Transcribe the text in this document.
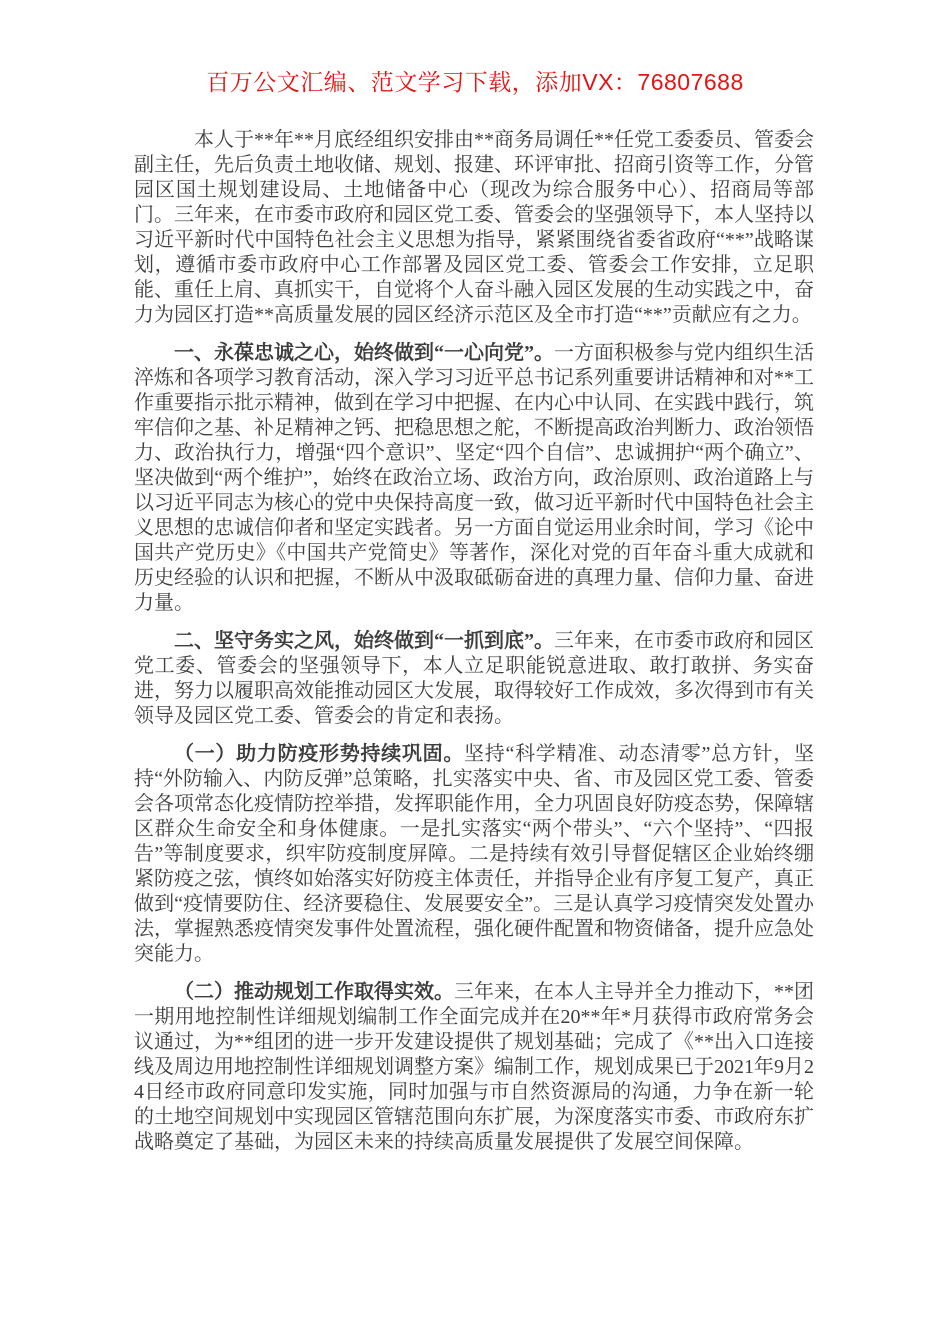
百万公文汇编、范文学习下载，添加VX：76807688

本人于**年**月底经组织安排由**商务局调任**任党工委委员、管委会副主任，先后负责土地收储、规划、报建、环评审批、招商引资等工作，分管园区国土规划建设局、土地储备中心（现改为综合服务中心）、招商局等部门。三年来，在市委市政府和园区党工委、管委会的坚强领导下，本人坚持以习近平新时代中国特色社会主义思想为指导，紧紧围绕省委省政府“**”战略谋划，遵循市委市政府中心工作部署及园区党工委、管委会工作安排，立足职能、重任上肩、真抓实干，自觉将个人奋斗融入园区发展的生动实践之中，奋力为园区打造**高质量发展的园区经济示范区及全市打造“**”贡献应有之力。

一、永葆忠诚之心，始终做到“一心向党”。一方面积极参与党内组织生活淬炼和各项学习教育活动，深入学习习近平总书记系列重要讲话精神和对**工作重要指示批示精神，做到在学习中把握、在内心中认同、在实践中践行，筑牢信仰之基、补足精神之钙、把稳思想之舵，不断提高政治判断力、政治领悟力、政治执行力，增强“四个意识”、坚定“四个自信”、忠诚拥护“两个确立”、坚决做到“两个维护”，始终在政治立场、政治方向，政治原则、政治道路上与以习近平同志为核心的党中央保持高度一致，做习近平新时代中国特色社会主义思想的忠诚信仰者和坚定实践者。另一方面自觉运用业余时间，学习《论中国共产党历史》《中国共产党简史》等著作，深化对党的百年奋斗重大成就和历史经验的认识和把握，不断从中汲取砥砺奋进的真理力量、信仰力量、奋进力量。

二、坚守务实之风，始终做到“一抓到底”。三年来，在市委市政府和园区党工委、管委会的坚强领导下，本人立足职能锐意进取、敢打敢拼、务实奋进，努力以履职高效能推动园区大发展，取得较好工作成效，多次得到市有关领导及园区党工委、管委会的肯定和表扬。

（一）助力防疫形势持续巩固。坚持“科学精准、动态清零”总方针，坚持“外防输入、内防反弹”总策略，扎实落实中央、省、市及园区党工委、管委会各项常态化疫情防控举措，发挥职能作用，全力巩固良好防疫态势，保障辖区群众生命安全和身体健康。一是扎实落实“两个带头”、“六个坚持”、“四报告”等制度要求，织牢防疫制度屏障。二是持续有效引导督促辖区企业始终绷紧防疫之弦，慎终如始落实好防疫主体责任，并指导企业有序复工复产，真正做到“疫情要防住、经济要稳住、发展要安全”。三是认真学习疫情突发处置办法，掌握熟悉疫情突发事件处置流程，强化硬件配置和物资储备，提升应急处突能力。

（二）推动规划工作取得实效。三年来，在本人主导并全力推动下，**团一期用地控制性详细规划编制工作全面完成并在20**年*月获得市政府常务会议通过，为**组团的进一步开发建设提供了规划基础；完成了《**出入口连接线及周边用地控制性详细规划调整方案》编制工作，规划成果已于2021年9月24日经市政府同意印发实施，同时加强与市自然资源局的沟通，力争在新一轮的土地空间规划中实现园区管辖范围向东扩展，为深度落实市委、市政府东扩战略奠定了基础，为园区未来的持续高质量发展提供了发展空间保障。
